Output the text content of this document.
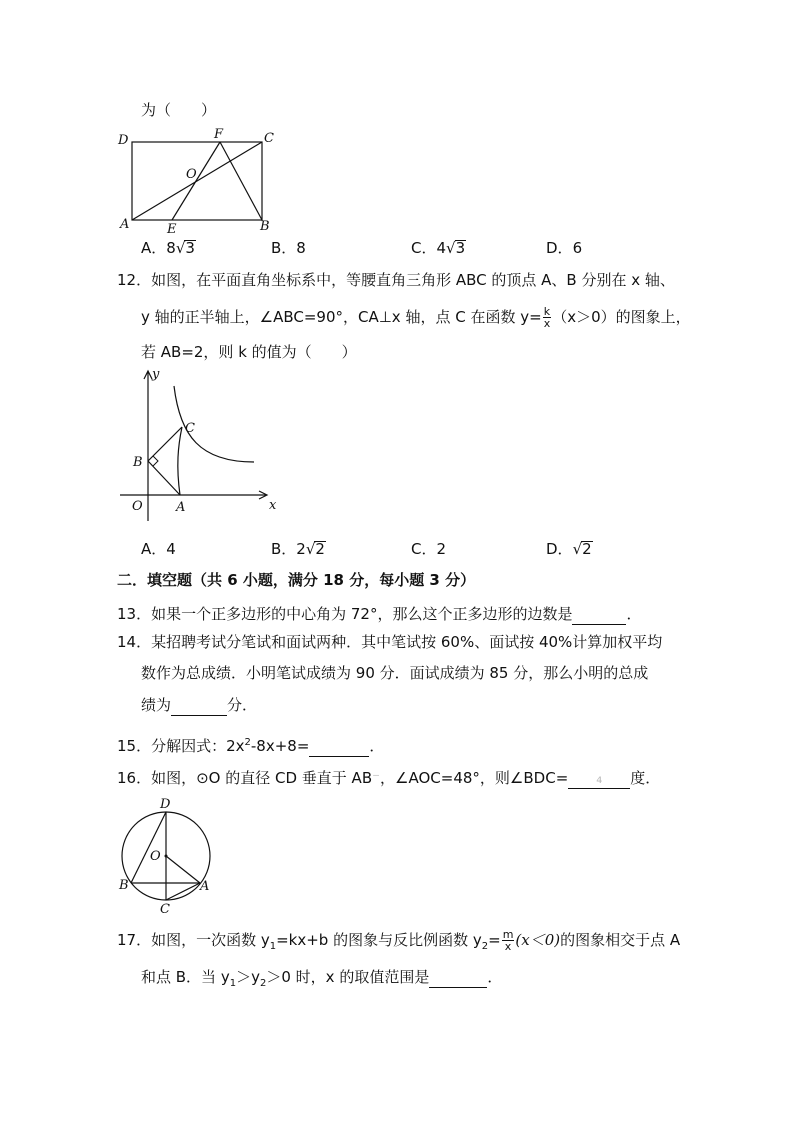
为（　　）
D	F	C
O
A	E	B
A．8√3	B．8	C．4√3	D．6
12．如图，在平面直角坐标系中，等腰直角三角形 ABC 的顶点 A、B 分别在 x 轴、
y 轴的正半轴上，∠ABC=90°，CA⊥x 轴，点 C 在函数 $y= \frac{k}{x} (x>0)$的图象上，
若 AB=2，则 k 的值为（　　）
y
C
B
O	A	x
A．4	B．2√2	C．2	D．√2
二．填空题（共 6 小题，满分 18 分，每小题 3 分）
13．如果一个正多边形的中心角为 72°，那么这个正多边形的边数是	．
14．某招聘考试分笔试和面试两种．其中笔试按 60%、面试按 40%计算加权平均
数作为总成绩．小明笔试成绩为 90 分．面试成绩为 85 分，那么小明的总成
绩为	分．
15．分解因式：$2x^2-8x+8=$	．
16．如图，⊙O 的直径 CD 垂直于 AB⁻，∠AOC=48°，则∠BDC= ₄ 度．
D
O
B	A
C
17．如图，一次函数 $y_1=kx+b$ 的图象与反比例函数 $y_2= \frac{m}{x} (x<0)$的图象相交于点 A
和点 B．当 $y_1>y_2>0$ 时，x 的取值范围是	．
